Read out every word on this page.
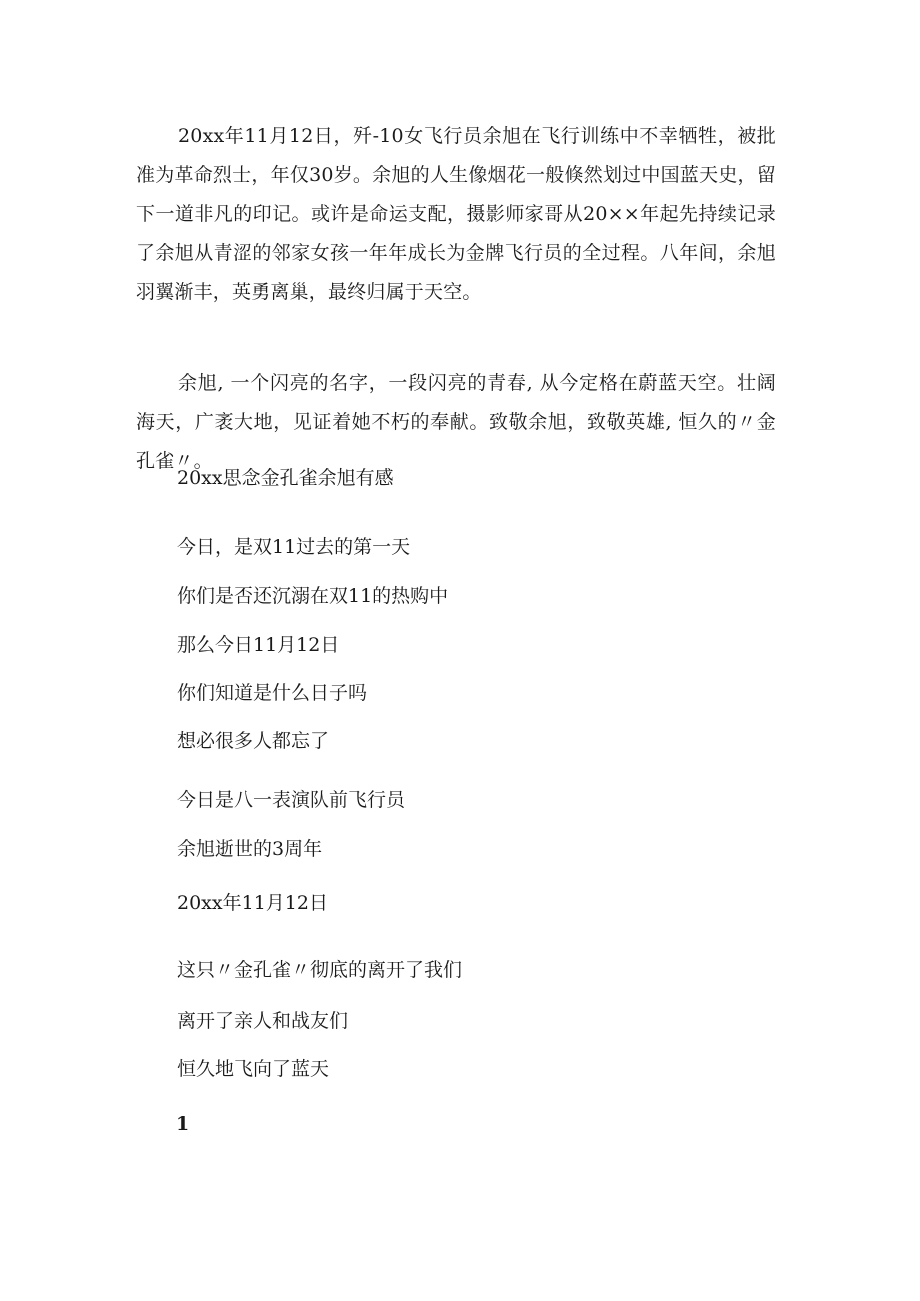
20xx年11月12日，歼-10女飞行员余旭在飞行训练中不幸牺牲，被批准为革命烈士，年仅30岁。余旭的人生像烟花一般倏然划过中国蓝天史，留下一道非凡的印记。或许是命运支配，摄影师家哥从20××年起先持续记录了余旭从青涩的邻家女孩一年年成长为金牌飞行员的全过程。八年间，余旭羽翼渐丰，英勇离巢，最终归属于天空。

余旭, 一个闪亮的名字，一段闪亮的青春, 从今定格在蔚蓝天空。壮阔海天，广袤大地，见证着她不朽的奉献。致敬余旭，致敬英雄, 恒久的〃金孔雀〃。

20xx思念金孔雀余旭有感

今日，是双11过去的第一天

你们是否还沉溺在双11的热购中

那么今日11月12日

你们知道是什么日子吗

想必很多人都忘了

今日是八一表演队前飞行员

余旭逝世的3周年

20xx年11月12日

这只〃金孔雀〃彻底的离开了我们

离开了亲人和战友们

恒久地飞向了蓝天

1
